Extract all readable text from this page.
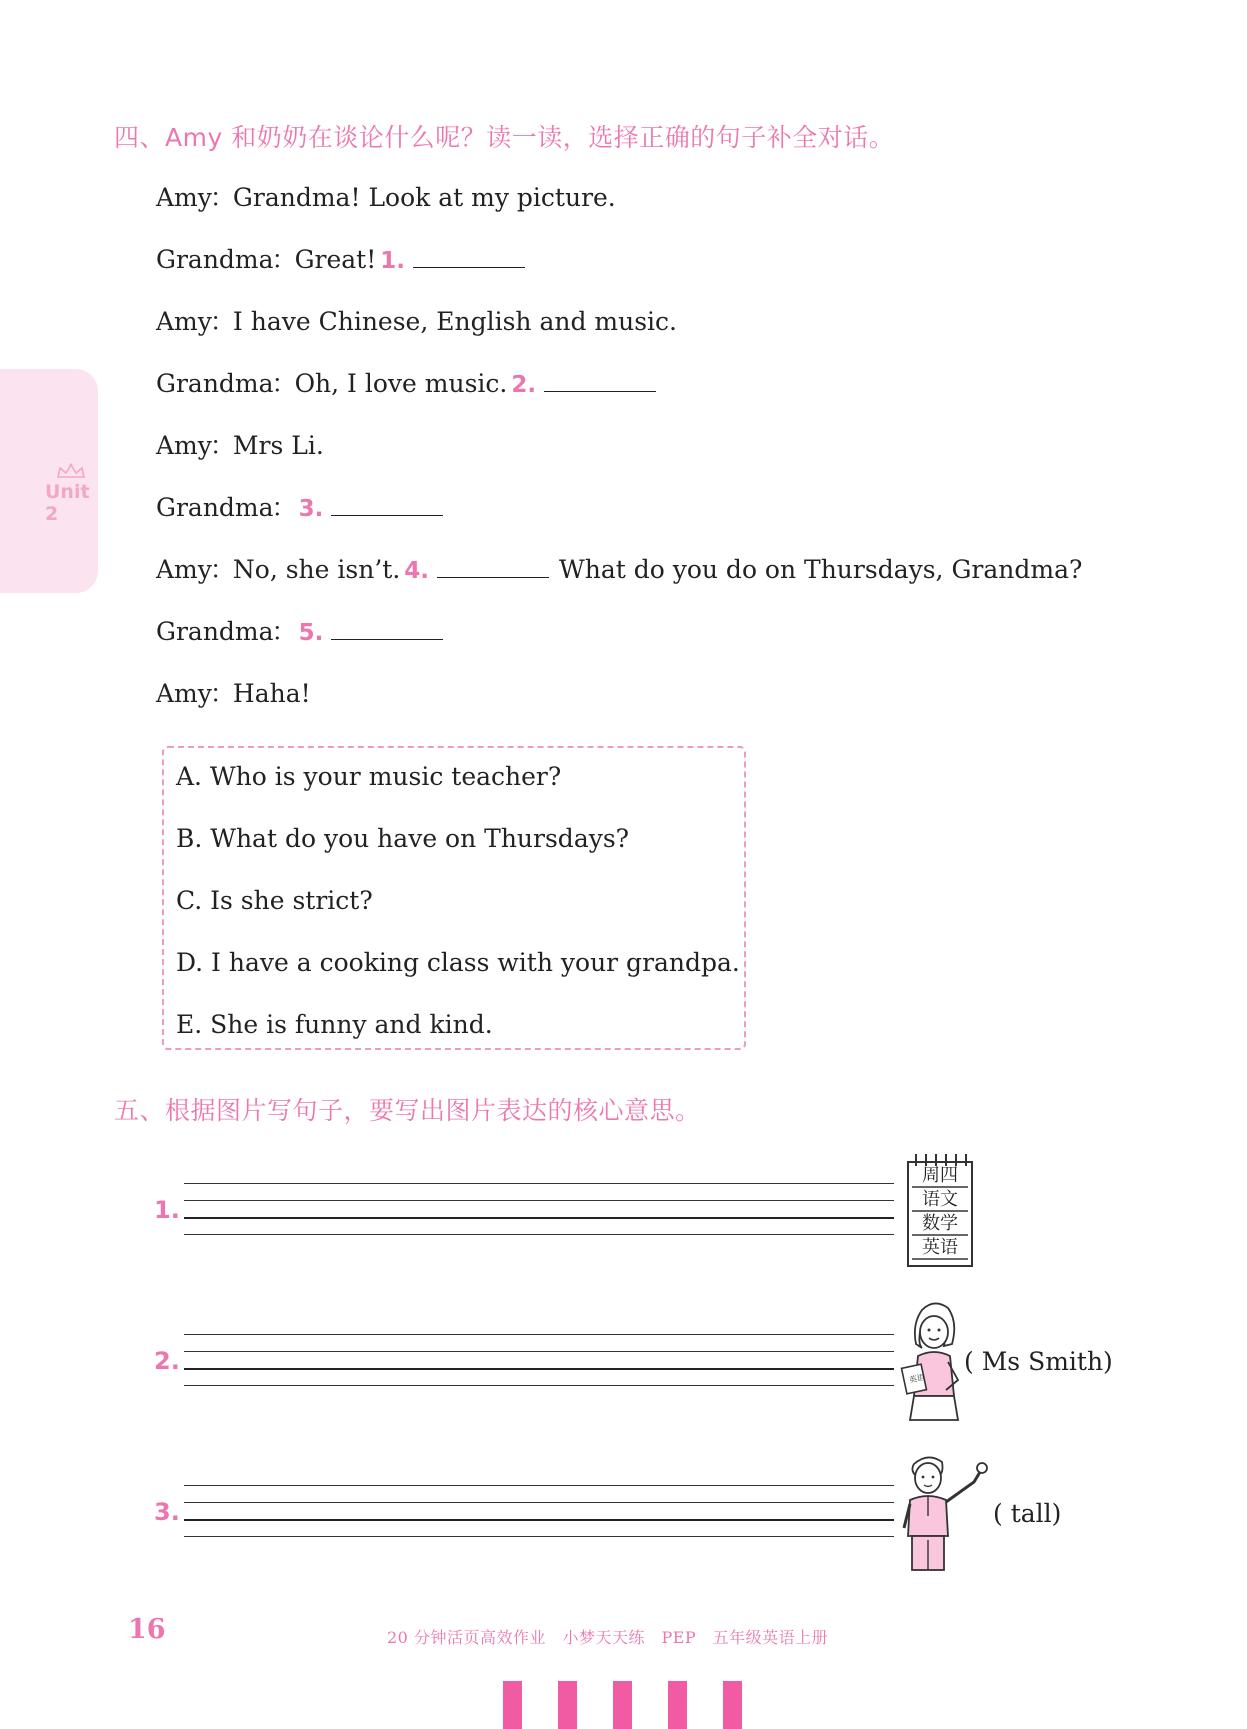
四、Amy 和奶奶在谈论什么呢？读一读，选择正确的句子补全对话。
Unit 2
Amy
：
Grandma! Look at my picture.
Grandma
：
Great! 1.
Amy
：
I have Chinese, English and music.
Grandma
：
Oh, I love music. 2.
Amy
：
Mrs Li.
Grandma
： 3.
Amy
：
No, she isn’t. 4.	What do you do on Thursdays, Grandma?
Grandma
： 5.
Amy
：
Haha!
A. Who is your music teacher?
B. What do you have on Thursdays?
C. Is she strict?
D. I have a cooking class with your grandpa.
E. She is funny and kind.
五、根据图片写句子，要写出图片表达的核心意思。
1.
2.
3.
周四
语文
数学
英语
英语
( Ms Smith)
( tall)
16	20 分钟活页高效作业　小梦天天练　PEP　五年级英语上册
